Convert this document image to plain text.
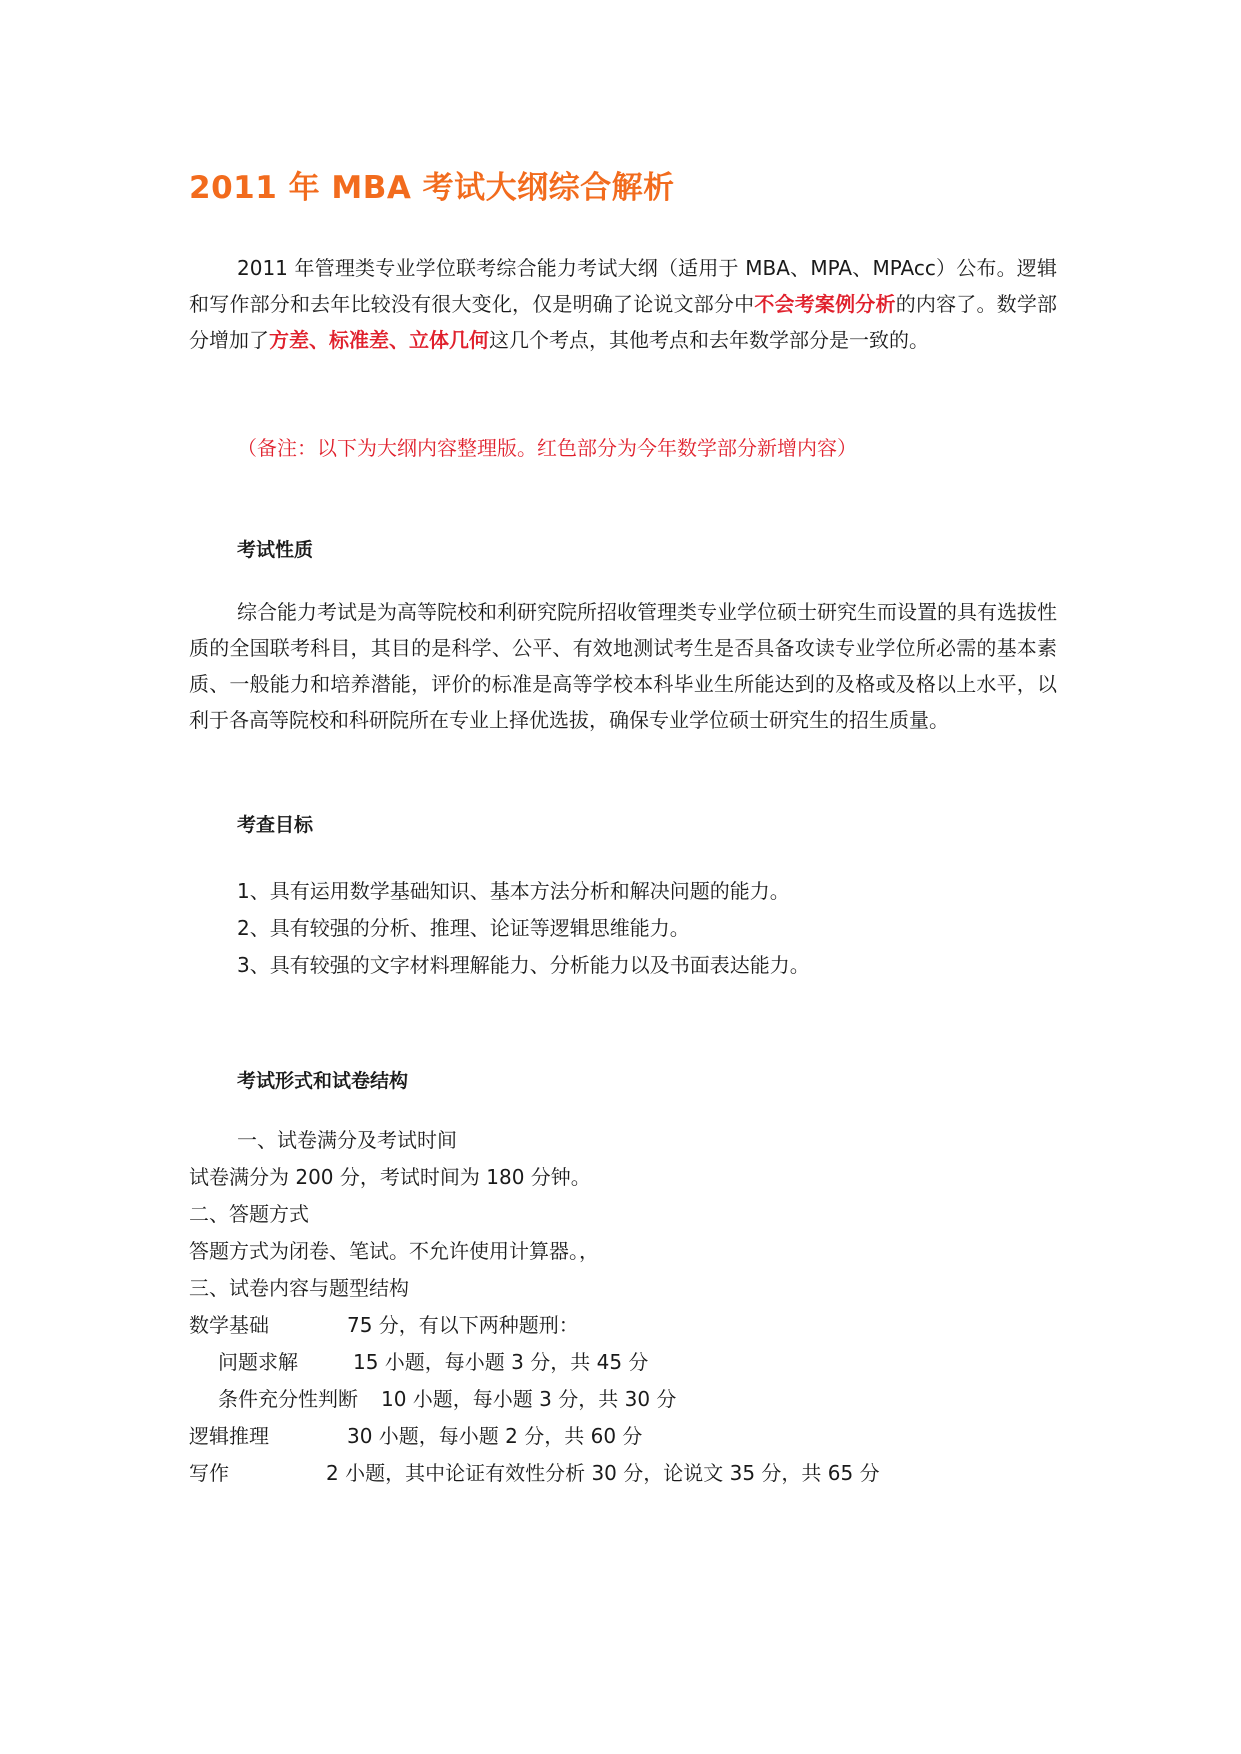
2011 年 MBA 考试大纲综合解析
2011 年管理类专业学位联考综合能力考试大纲（适用于 MBA、MPA、MPAcc）公布。逻辑和写作部分和去年比较没有很大变化，仅是明确了论说文部分中不会考案例分析的内容了。数学部分增加了方差、标准差、立体几何这几个考点，其他考点和去年数学部分是一致的。
（备注：以下为大纲内容整理版。红色部分为今年数学部分新增内容）
考试性质
综合能力考试是为高等院校和利研究院所招收管理类专业学位硕士研究生而设置的具有选拔性质的全国联考科目，其目的是科学、公平、有效地测试考生是否具备攻读专业学位所必需的基本素质、一般能力和培养潜能，评价的标准是高等学校本科毕业生所能达到的及格或及格以上水平，以利于各高等院校和科研院所在专业上择优选拔，确保专业学位硕士研究生的招生质量。
考查目标
1、具有运用数学基础知识、基本方法分析和解决问题的能力。
2、具有较强的分析、推理、论证等逻辑思维能力。
3、具有较强的文字材料理解能力、分析能力以及书面表达能力。
考试形式和试卷结构
一、试卷满分及考试时间
试卷满分为 200 分，考试时间为 180 分钟。
二、答题方式
答题方式为闭卷、笔试。不允许使用计算器。，
三、试卷内容与题型结构
数学基础	75 分，有以下两种题刑：
问题求解	15 小题，每小题 3 分，共 45 分
条件充分性判断 10 小题，每小题 3 分，共 30 分
逻辑推理	30 小题，每小题 2 分，共 60 分
写作	2 小题，其中论证有效性分析 30 分，论说文 35 分，共 65 分
